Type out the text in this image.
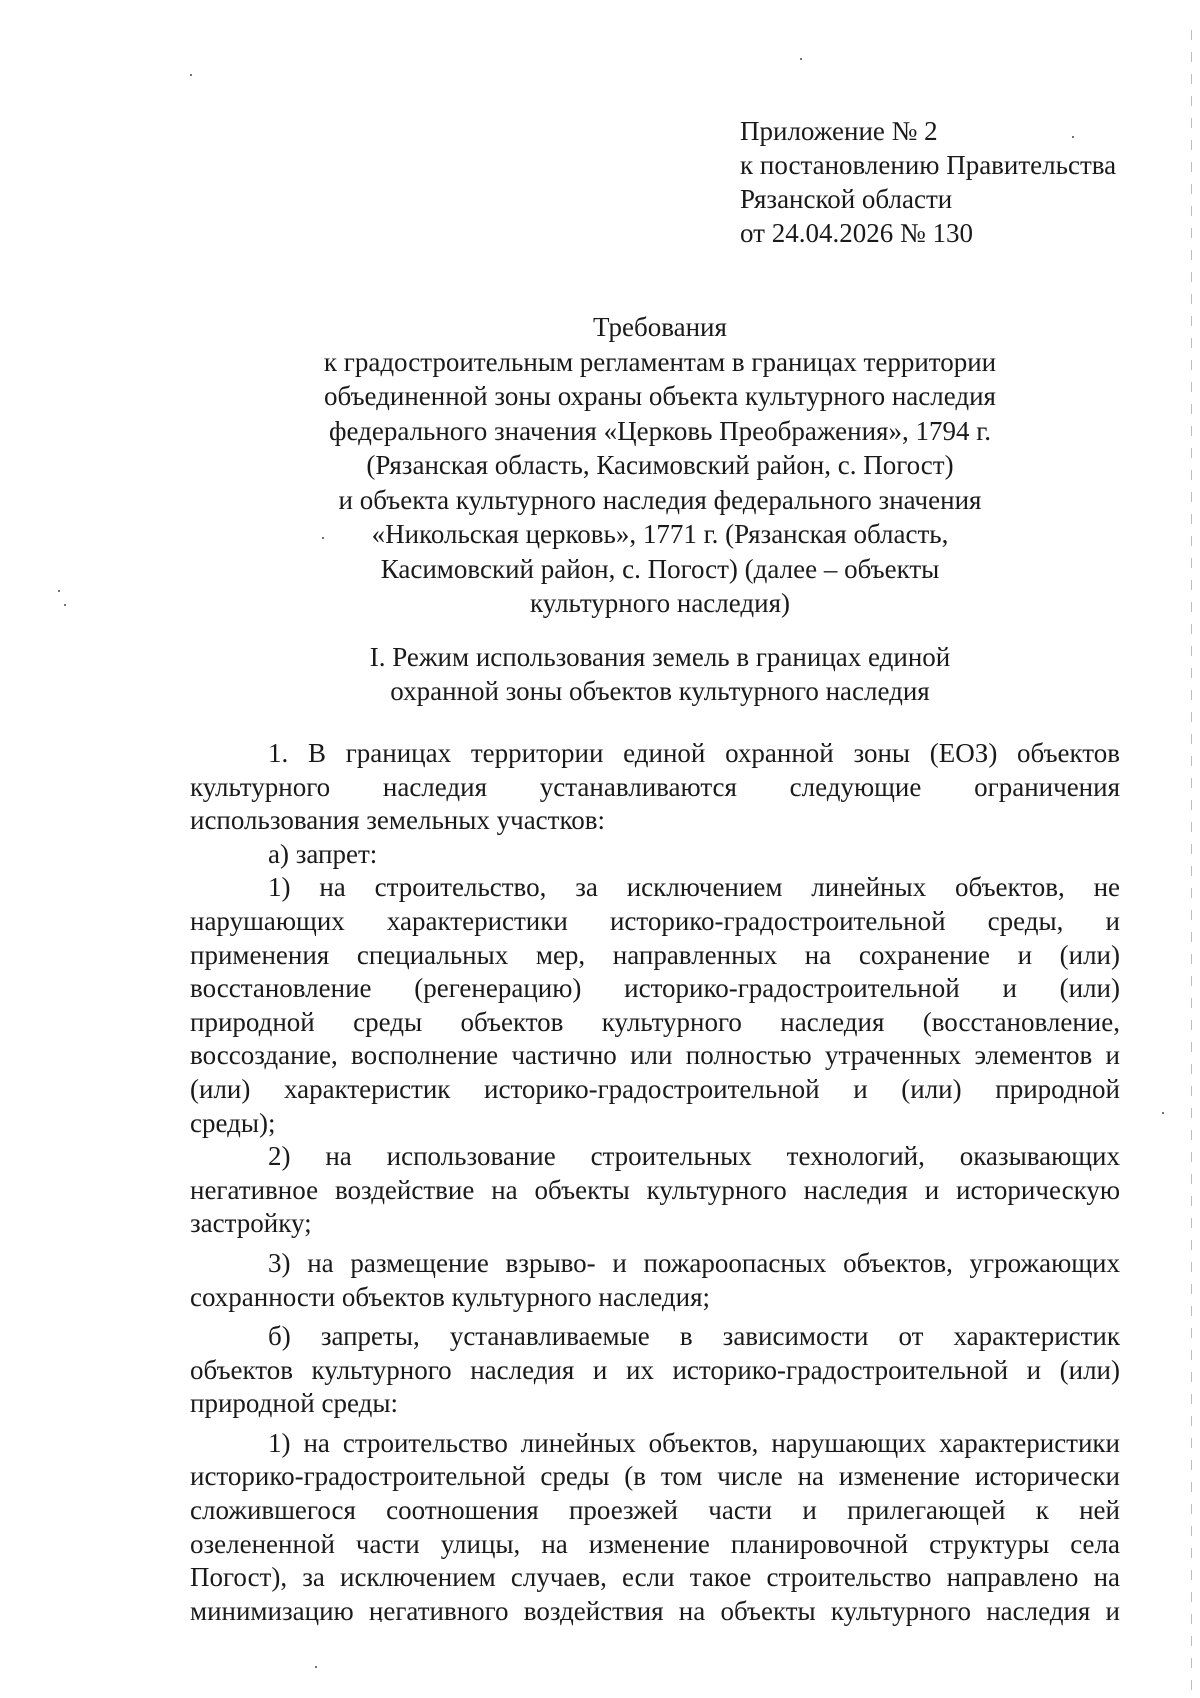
Приложение № 2
к постановлению Правительства
Рязанской области
от 24.04.2026 № 130
Требования
к градостроительным регламентам в границах территории
объединенной зоны охраны объекта культурного наследия
федерального значения «Церковь Преображения», 1794 г.
(Рязанская область, Касимовский район, с. Погост)
и объекта культурного наследия федерального значения
«Никольская церковь», 1771 г. (Рязанская область,
Касимовский район, с. Погост) (далее – объекты
культурного наследия)
I. Режим использования земель в границах единой
охранной зоны объектов культурного наследия
1. В границах территории единой охранной зоны (ЕОЗ) объектов
культурного наследия устанавливаются следующие ограничения
использования земельных участков:
а) запрет:
1) на строительство, за исключением линейных объектов, не
нарушающих характеристики историко-градостроительной среды, и
применения специальных мер, направленных на сохранение и (или)
восстановление (регенерацию) историко-градостроительной и (или)
природной среды объектов культурного наследия (восстановление,
воссоздание, восполнение частично или полностью утраченных элементов и
(или) характеристик историко-градостроительной и (или) природной
среды);
2) на использование строительных технологий, оказывающих
негативное воздействие на объекты культурного наследия и историческую
застройку;
3) на размещение взрыво- и пожароопасных объектов, угрожающих
сохранности объектов культурного наследия;
б) запреты, устанавливаемые в зависимости от характеристик
объектов культурного наследия и их историко-градостроительной и (или)
природной среды:
1) на строительство линейных объектов, нарушающих характеристики
историко-градостроительной среды (в том числе на изменение исторически
сложившегося соотношения проезжей части и прилегающей к ней
озелененной части улицы, на изменение планировочной структуры села
Погост), за исключением случаев, если такое строительство направлено на
минимизацию негативного воздействия на объекты культурного наследия и
